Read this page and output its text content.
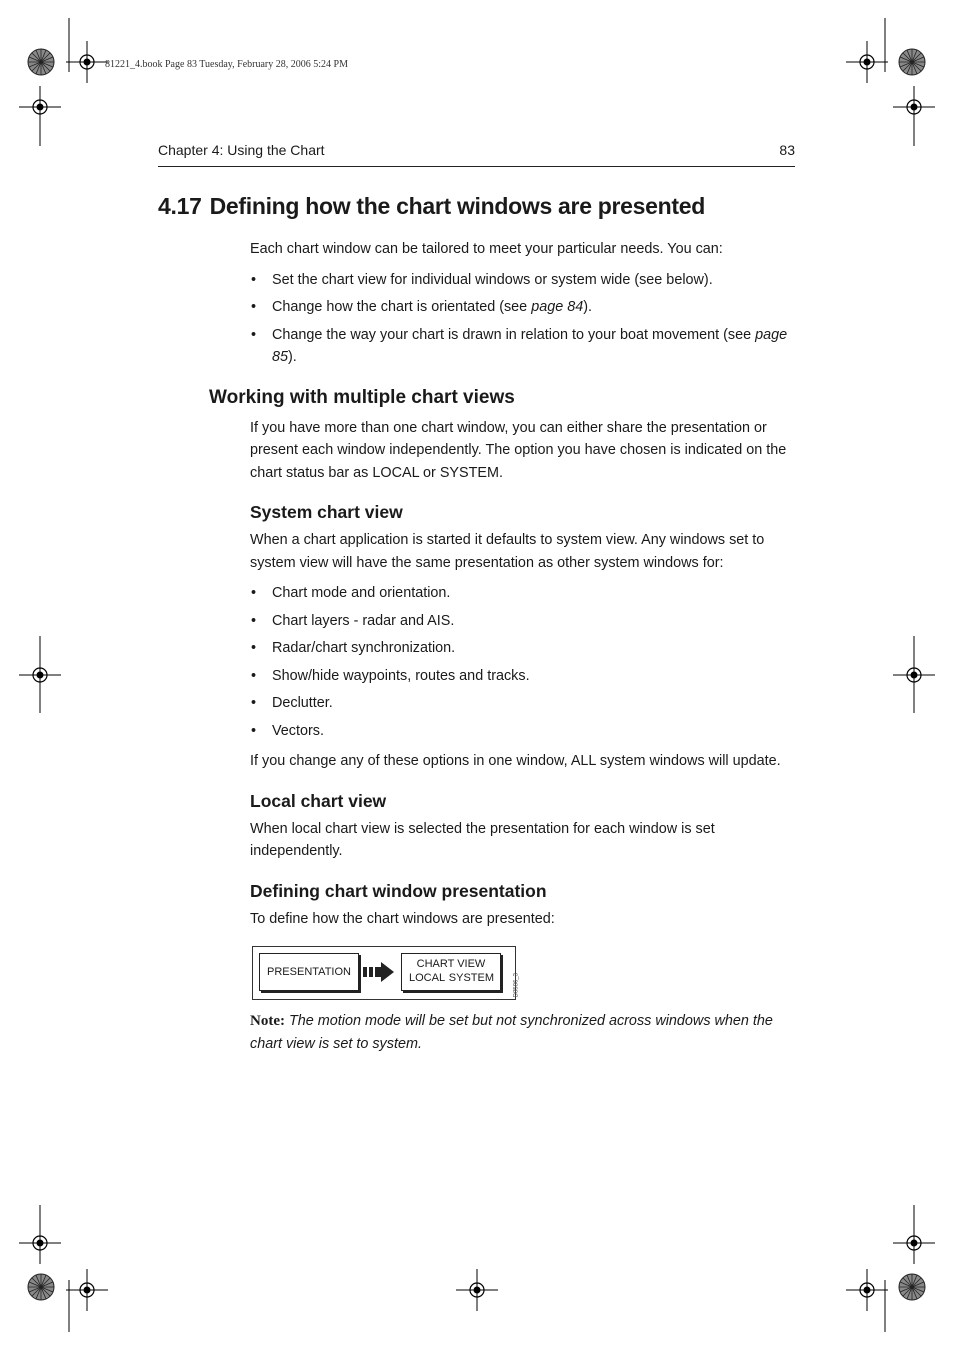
81221_4.book Page 83 Tuesday, February 28, 2006 5:24 PM
Chapter 4: Using the Chart	83
4.17 Defining how the chart windows are presented

Each chart window can be tailored to meet your particular needs. You can:

• Set the chart view for individual windows or system wide (see below).
• Change how the chart is orientated (see page 84).
• Change the way your chart is drawn in relation to your boat movement (see page 85).
Working with multiple chart views

If you have more than one chart window, you can either share the presentation or present each window independently. The option you have chosen is indicated on the chart status bar as LOCAL or SYSTEM.

System chart view

When a chart application is started it defaults to system view. Any windows set to system view will have the same presentation as other system windows for:

• Chart mode and orientation.
• Chart layers - radar and AIS.
• Radar/chart synchronization.
• Show/hide waypoints, routes and tracks.
• Declutter.
• Vectors.

If you change any of these options in one window, ALL system windows will update.

Local chart view

When local chart view is selected the presentation for each window is set independently.

Defining chart window presentation

To define how the chart windows are presented:

PRESENTATION
CHART VIEW
LOCAL SYSTEM	D8586_3

Note: The motion mode will be set but not synchronized across windows when the chart view is set to system.
